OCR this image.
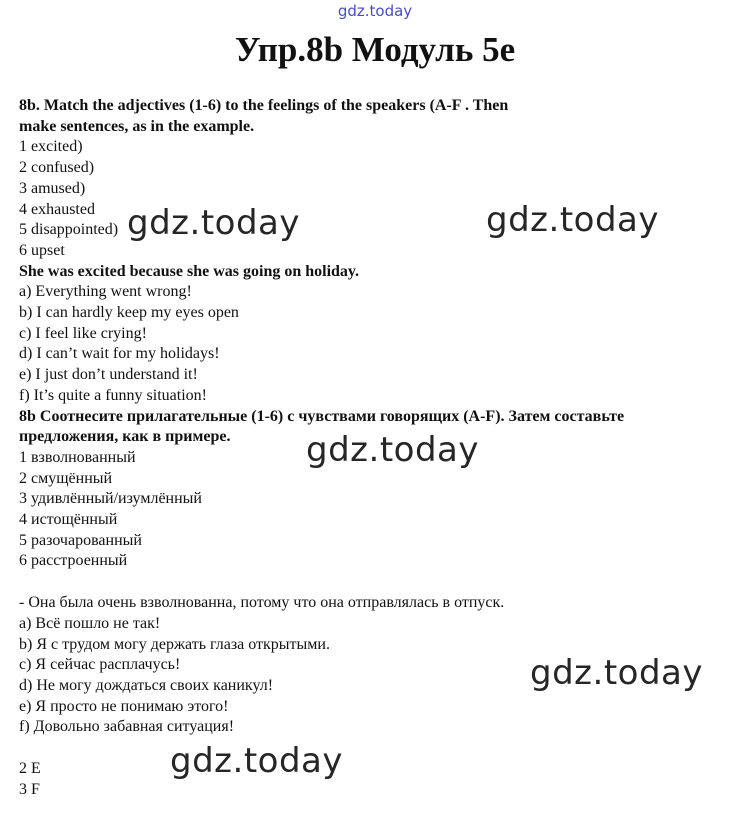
gdz.today
Упр.8b Модуль 5e
8b. Match the adjectives (1-6) to the feelings of the speakers (A-F . Then
make sentences, as in the example.
1 excited)
2 confused)
3 amused)
4 exhausted
5 disappointed)
6 upset
She was excited because she was going on holiday.
a) Everything went wrong!
b) I can hardly keep my eyes open
c) I feel like crying!
d) I can’t wait for my holidays!
e) I just don’t understand it!
f) It’s quite a funny situation!
8b Соотнесите прилагательные (1-6) с чувствами говорящих (A-F). Затем составьте
предложения, как в примере.
1 взволнованный
2 смущённый
3 удивлённый/изумлённый
4 истощённый
5 разочарованный
6 расстроенный
- Она была очень взволнованна, потому что она отправлялась в отпуск.
a) Всё пошло не так!
b) Я с трудом могу держать глаза открытыми.
c) Я сейчас расплачусь!
d) Не могу дождаться своих каникул!
e) Я просто не понимаю этого!
f) Довольно забавная ситуация!
2 E
3 F
gdz.today	gdz.today
gdz.today
gdz.today
gdz.today
